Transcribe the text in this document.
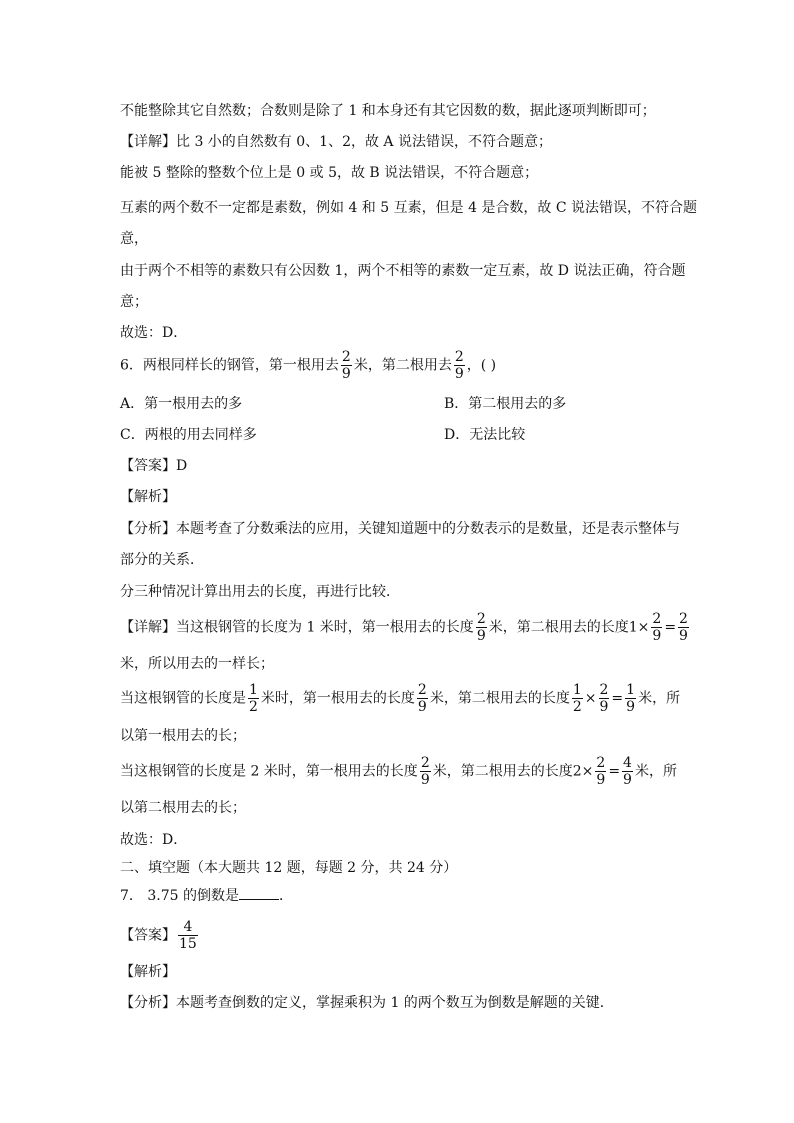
不能整除其它自然数；合数则是除了 1 和本身还有其它因数的数，据此逐项判断即可；
【详解】比 3 小的自然数有 0、1、2，故 A 说法错误，不符合题意；
能被 5 整除的整数个位上是 0 或 5，故 B 说法错误，不符合题意；
互素的两个数不一定都是素数，例如 4 和 5 互素，但是 4 是合数，故 C 说法错误，不符合题
意，
由于两个不相等的素数只有公因数 1，两个不相等的素数一定互素，故 D 说法正确，符合题
意；
故选：D．
6．两根同样长的钢管，第一根用去 $\frac{2}{9}$ 米，第二根用去 $\frac{2}{9}$ ，( )
A．第一根用去的多	B．第二根用去的多
C．两根的用去同样多	D．无法比较
【答案】D
【解析】
【分析】本题考查了分数乘法的应用，关键知道题中的分数表示的是数量，还是表示整体与
部分的关系．
分三种情况计算出用去的长度，再进行比较．
【详解】当这根钢管的长度为 1 米时，第一根用去的长度 $\frac{2}{9}$ 米，第二根用去的长度$1\times \frac{2}{9} = \frac{2}{9}$
米，所以用去的一样长；
当这根钢管的长度是 $\frac{1}{2}$ 米时，第一根用去的长度 $\frac{2}{9}$ 米，第二根用去的长度 $\frac{1}{2} \times \frac{2}{9} = \frac{1}{9}$ 米，所
以第一根用去的长；
当这根钢管的长度是 2 米时，第一根用去的长度 $\frac{2}{9}$ 米，第二根用去的长度$2\times \frac{2}{9} = \frac{4}{9}$ 米，所
以第二根用去的长；
故选：D．
二、填空题（本大题共 12 题，每题 2 分，共 24 分）
7． 3.75 的倒数是	．
【答案】 $\frac{4}{15}$
【解析】
【分析】本题考查倒数的定义，掌握乘积为 1 的两个数互为倒数是解题的关键．
